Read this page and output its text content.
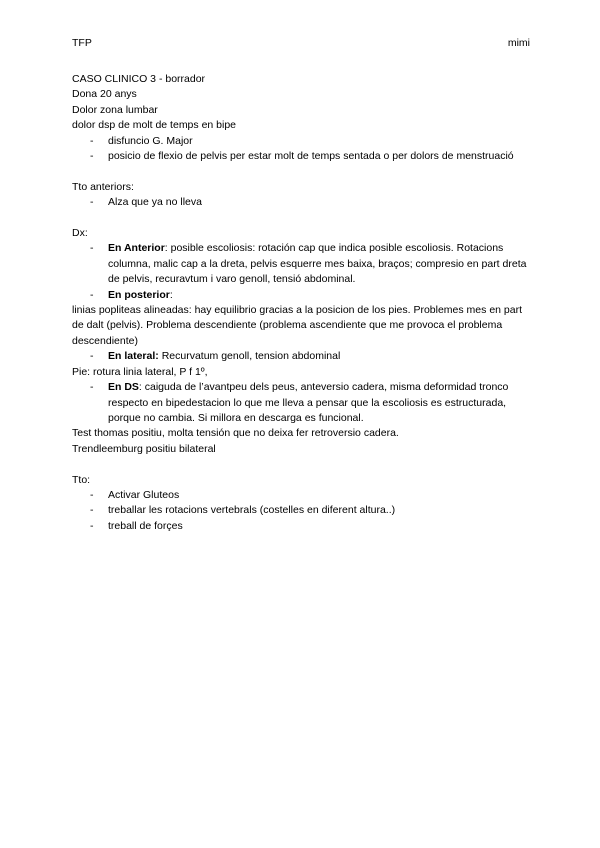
TFP	mimi
CASO CLINICO 3 - borrador
Dona 20 anys
Dolor zona lumbar
dolor dsp de molt de temps en bipe
- disfuncio G. Major
- posicio de flexio de pelvis per estar molt de temps sentada o per dolors de menstruació
Tto anteriors:
- Alza que ya no lleva
Dx:
- En Anterior: posible escoliosis: rotación cap que indica posible escoliosis. Rotacions columna, malic cap a la dreta, pelvis esquerre mes baixa, braços; compresio en part dreta de pelvis, recuravtum i varo genoll, tensió abdominal.
- En posterior:
linias popliteas alineadas: hay equilibrio gracias a la posicion de los pies. Problemes mes en part de dalt (pelvis). Problema descendiente (problema ascendiente que me provoca el problema descendiente)
- En lateral: Recurvatum genoll, tension abdominal
Pie: rotura linia lateral, P f 1º,
- En DS: caiguda de l’avantpeu dels peus, anteversio cadera, misma deformidad tronco respecto en bipedestacion lo que me lleva a pensar que la escoliosis es estructurada, porque no cambia. Si millora en descarga es funcional.
Test thomas positiu, molta tensión que no deixa fer retroversio cadera.
Trendleemburg positiu bilateral
Tto:
- Activar Gluteos
- treballar les rotacions vertebrals (costelles en diferent altura..)
- treball de forçes
